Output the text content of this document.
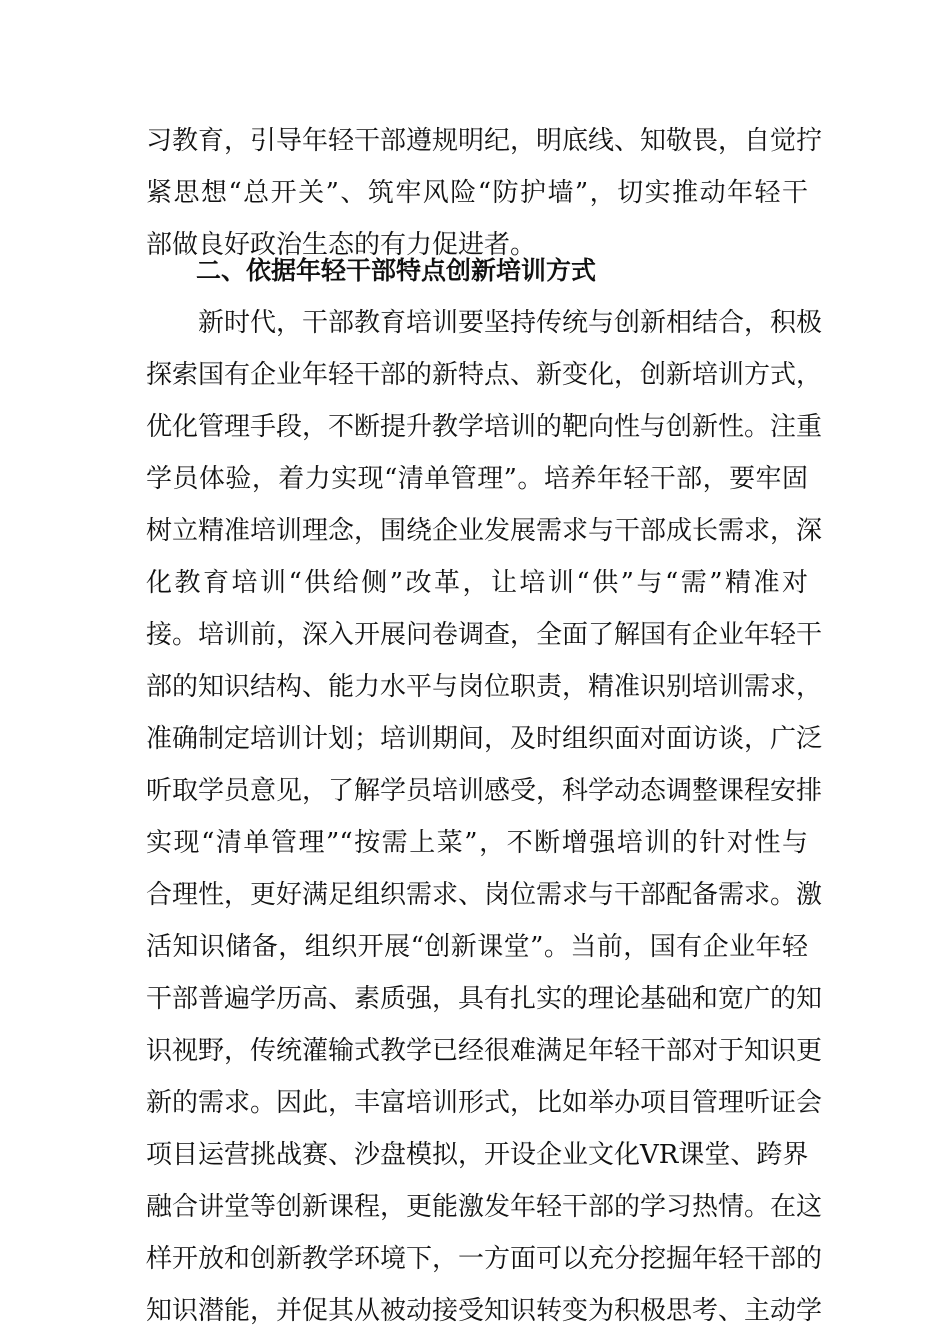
习教育，引导年轻干部遵规明纪，明底线、知敬畏，自觉拧
紧思想“总开关”、筑牢风险“防护墙”，切实推动年轻干
部做良好政治生态的有力促进者。
二、依据年轻干部特点创新培训方式
新时代，干部教育培训要坚持传统与创新相结合，积极
探索国有企业年轻干部的新特点、新变化，创新培训方式，
优化管理手段，不断提升教学培训的靶向性与创新性。注重
学员体验，着力实现“清单管理”。培养年轻干部，要牢固
树立精准培训理念，围绕企业发展需求与干部成长需求，深
化教育培训“供给侧”改革，让培训“供”与“需”精准对
接。培训前，深入开展问卷调查，全面了解国有企业年轻干
部的知识结构、能力水平与岗位职责，精准识别培训需求，
准确制定培训计划；培训期间，及时组织面对面访谈，广泛
听取学员意见，了解学员培训感受，科学动态调整课程安排
实现“清单管理”“按需上菜”，不断增强培训的针对性与
合理性，更好满足组织需求、岗位需求与干部配备需求。激
活知识储备，组织开展“创新课堂”。当前，国有企业年轻
干部普遍学历高、素质强，具有扎实的理论基础和宽广的知
识视野，传统灌输式教学已经很难满足年轻干部对于知识更
新的需求。因此，丰富培训形式，比如举办项目管理听证会
项目运营挑战赛、沙盘模拟，开设企业文化VR课堂、跨界
融合讲堂等创新课程，更能激发年轻干部的学习热情。在这
样开放和创新教学环境下，一方面可以充分挖掘年轻干部的
知识潜能，并促其从被动接受知识转变为积极思考、主动学
